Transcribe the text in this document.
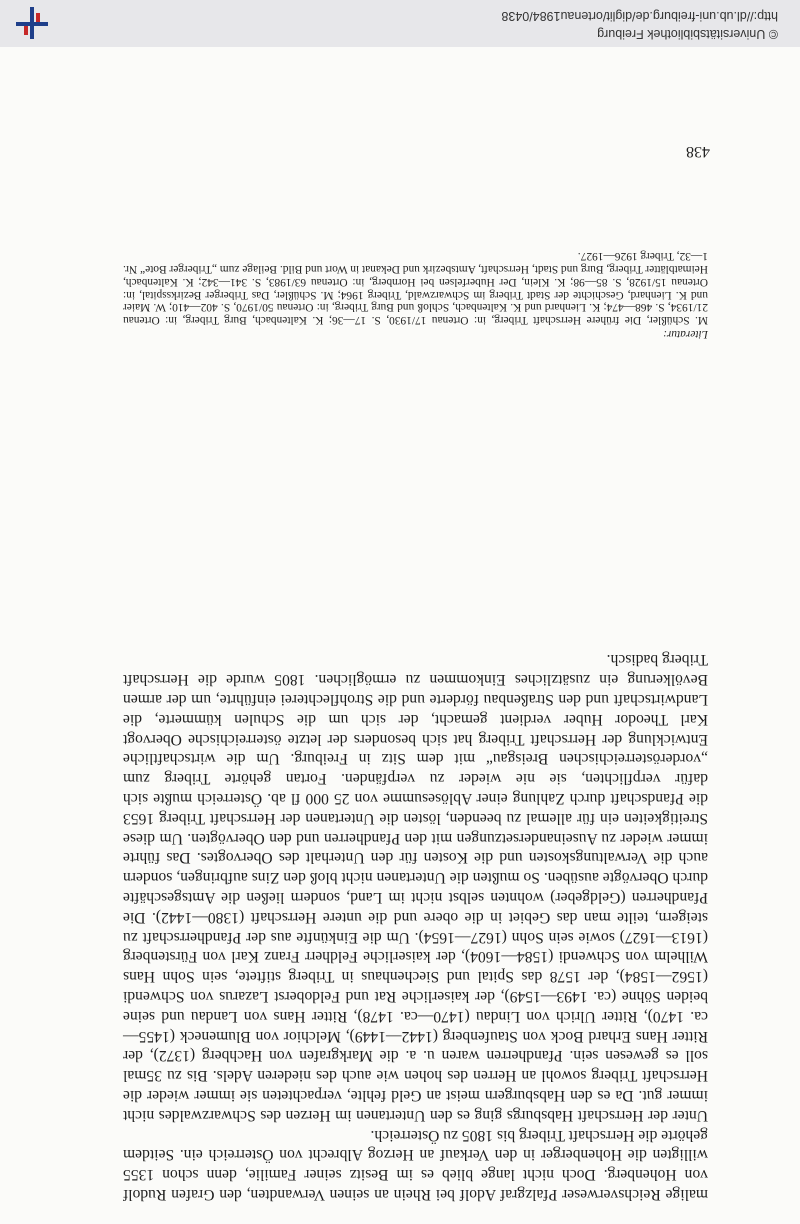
malige Reichsverweser Pfalzgraf Adolf bei Rhein an seinen Verwandten, den Grafen Rudolf von Hohenberg. Doch nicht lange blieb es im Besitz seiner Familie, denn schon 1355 willigten die Hohenberger in den Verkauf an Herzog Albrecht von Österreich ein. Seitdem gehörte die Herrschaft Triberg bis 1805 zu Österreich.

Unter der Herrschaft Habsburgs ging es den Untertanen im Herzen des Schwarzwaldes nicht immer gut. Da es den Habsburgern meist an Geld fehlte, verpachteten sie immer wieder die Herrschaft Triberg sowohl an Herren des hohen wie auch des niederen Adels. Bis zu 35mal soll es gewesen sein. Pfandherren waren u. a. die Markgrafen von Hachberg (1372), der Ritter Hans Erhard Bock von Staufenberg (1442—1449), Melchior von Blumeneck (1455—ca. 1470), Ritter Ulrich von Lindau (1470—ca. 1478), Ritter Hans von Landau und seine beiden Söhne (ca. 1493—1549), der kaiserliche Rat und Feldoberst Lazarus von Schwendi (1562—1584), der 1578 das Spital und Siechenhaus in Triberg stiftete, sein Sohn Hans Wilhelm von Schwendi (1584—1604), der kaiserliche Feldherr Franz Karl von Fürstenberg (1613—1627) sowie sein Sohn (1627—1654). Um die Einkünfte aus der Pfandherrschaft zu steigern, teilte man das Gebiet in die obere und die untere Herrschaft (1380—1442). Die Pfandherren (Geldgeber) wohnten selbst nicht im Land, sondern ließen die Amtsgeschäfte durch Obervögte ausüben. So mußten die Untertanen nicht bloß den Zins aufbringen, sondern auch die Verwaltungskosten und die Kosten für den Unterhalt des Obervogtes. Das führte immer wieder zu Auseinandersetzungen mit den Pfandherren und den Obervögten. Um diese Streitigkeiten ein für allemal zu beenden, lösten die Untertanen der Herrschaft Triberg 1653 die Pfandschaft durch Zahlung einer Ablösesumme von 25 000 fl ab. Österreich mußte sich dafür verpflichten, sie nie wieder zu verpfänden. Fortan gehörte Triberg zum „vorderösterreichischen Breisgau“ mit dem Sitz in Freiburg. Um die wirtschaftliche Entwicklung der Herrschaft Triberg hat sich besonders der letzte österreichische Obervogt Karl Theodor Huber verdient gemacht, der sich um die Schulen kümmerte, die Landwirtschaft und den Straßenbau förderte und die Strohflechterei einführte, um der armen Bevölkerung ein zusätzliches Einkommen zu ermöglichen. 1805 wurde die Herrschaft Triberg badisch.

Literatur:
M. Schüßler, Die frühere Herrschaft Triberg, in: Ortenau 17/1930, S. 17—36; K. Kaltenbach, Burg Triberg, in: Ortenau 21/1934, S. 468—474; K. Lienhard und K. Kaltenbach, Schloß und Burg Triberg, in: Ortenau 50/1970, S. 402—410; W. Maier und K. Lienhard, Geschichte der Stadt Triberg im Schwarzwald, Triberg 1964; M. Schüßler, Das Triberger Bezirksspital, in: Ortenau 15/1928, S. 85—98; K. Klein, Der Huberfelsen bei Hornberg, in: Ortenau 63/1983, S. 341—342; K. Kaltenbach, Heimatblätter Triberg, Burg und Stadt, Herrschaft, Amtsbezirk und Dekanat in Wort und Bild. Beilage zum „Triberger Bote“ Nr. 1—32, Triberg 1926—1927.
438
© Universitätsbibliothek Freiburg
http://dl.ub.uni-freiburg.de/diglit/ortenau1984/0438
